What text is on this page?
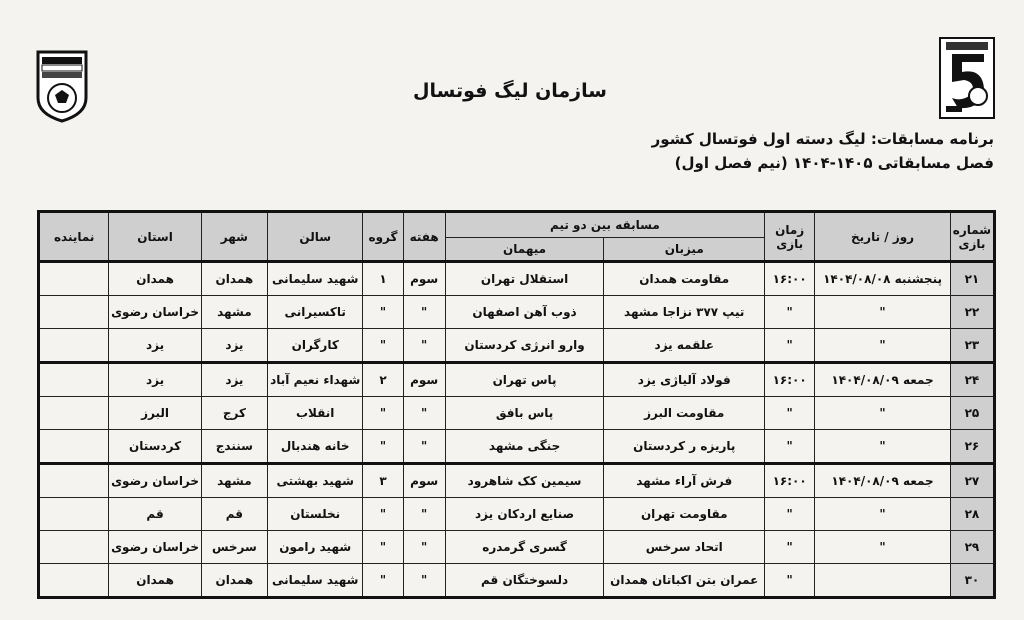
سازمان لیگ فوتسال
برنامه مسابقات: لیگ دسته اول فوتسال کشور
فصل مسابقاتی ۱۴۰۵-۱۴۰۴ (نیم فصل اول)
شماره بازی	روز / تاریخ	زمان بازی	مسابقه بین دو تیم		هفته	گروه	سالن	شهر	استان	نماینده
			میزبان	میهمان						
۲۱	پنجشنبه ۱۴۰۴/۰۸/۰۸	۱۶:۰۰	مقاومت همدان	استقلال تهران	سوم	۱	شهید سلیمانی	همدان	همدان	
۲۲	"	"	تیپ ۳۷۷ نزاجا مشهد	ذوب آهن اصفهان	"	"	تاکسیرانی	مشهد	خراسان رضوی	
۲۳	"	"	علقمه یزد	وارو انرژی کردستان	"	"	کارگران	یزد	یزد	
۲۴	جمعه ۱۴۰۴/۰۸/۰۹	۱۶:۰۰	فولاد آلیاژی یزد	پاس تهران	سوم	۲	شهداء نعیم آباد	یزد	یزد	
۲۵	"	"	مقاومت البرز	پاس بافق	"	"	انقلاب	کرج	البرز	
۲۶	"	"	پاریزه ر کردستان	جنگی مشهد	"	"	خانه هندبال	سنندج	کردستان	
۲۷	جمعه ۱۴۰۴/۰۸/۰۹	۱۶:۰۰	فرش آراء مشهد	سیمین کک شاهرود	سوم	۳	شهید بهشتی	مشهد	خراسان رضوی	
۲۸	"	"	مقاومت تهران	صنایع اردکان یزد	"	"	نخلستان	قم	قم	
۲۹	"	"	اتحاد سرخس	گسری گرمدره	"	"	شهید رامون	سرخس	خراسان رضوی	
۳۰		"	عمران بتن اکباتان همدان	دلسوختگان قم	"	"	شهید سلیمانی	همدان	همدان	
